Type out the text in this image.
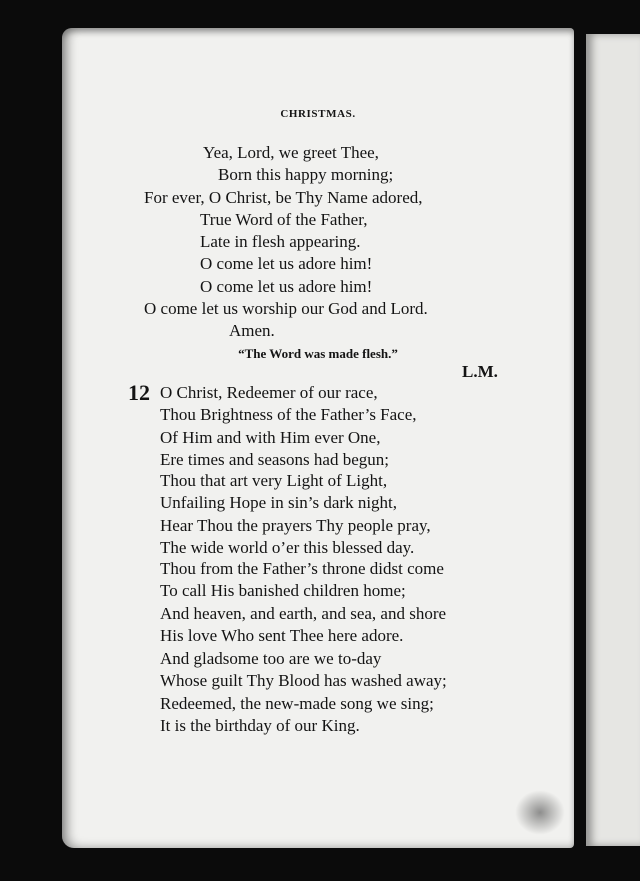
CHRISTMAS.
Yea, Lord, we greet Thee,
Born this happy morning;
For ever, O Christ, be Thy Name adored,
True Word of the Father,
Late in flesh appearing.
O come let us adore him!
O come let us adore him!
O come let us worship our God and Lord.
Amen.
“The Word was made flesh.”
L.M.
12 O Christ, Redeemer of our race,
Thou Brightness of the Father’s Face,
Of Him and with Him ever One,
Ere times and seasons had begun;
Thou that art very Light of Light,
Unfailing Hope in sin’s dark night,
Hear Thou the prayers Thy people pray,
The wide world o’er this blessed day.
Thou from the Father’s throne didst come
To call His banished children home;
And heaven, and earth, and sea, and shore
His love Who sent Thee here adore.
And gladsome too are we to-day
Whose guilt Thy Blood has washed away;
Redeemed, the new-made song we sing;
It is the birthday of our King.
